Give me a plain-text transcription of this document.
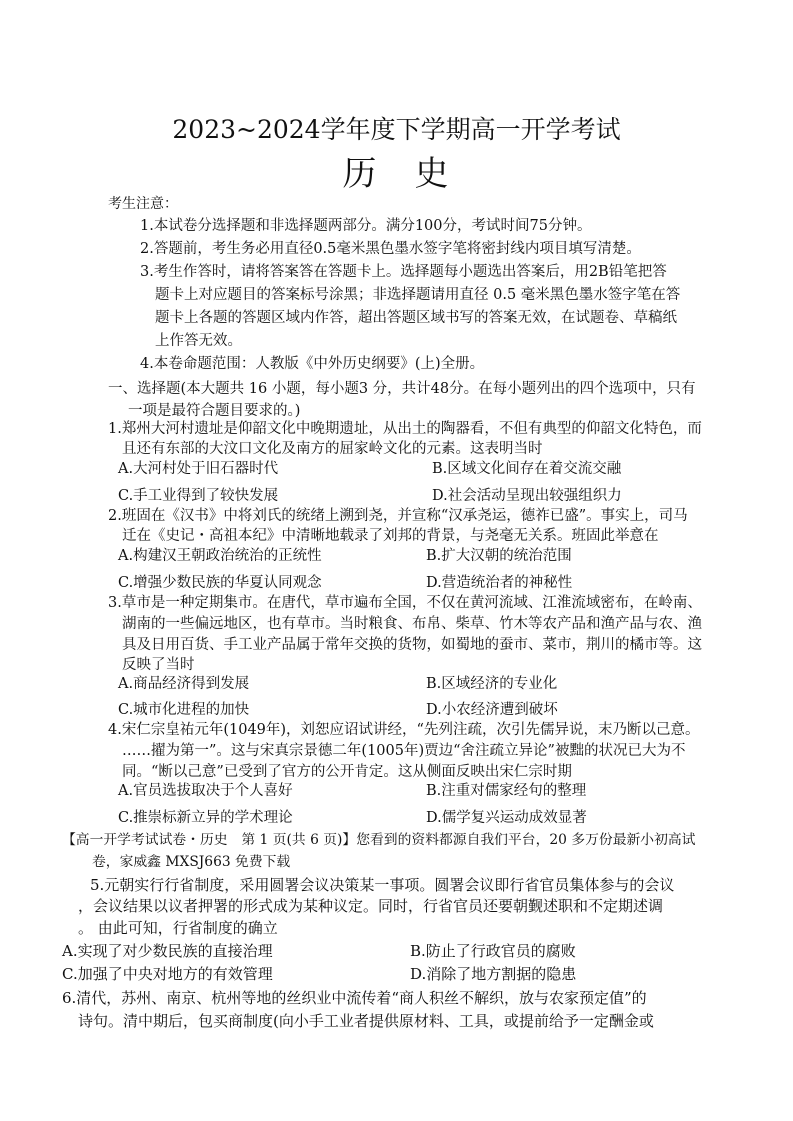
2023~2024学年度下学期高一开学考试
历　史
考生注意：
1.本试卷分选择题和非选择题两部分。满分100分，考试时间75分钟。
2.答题前，考生务必用直径0.5毫米黑色墨水签字笔将密封线内项目填写清楚。
3.考生作答时，请将答案答在答题卡上。选择题每小题选出答案后，用2B铅笔把答
题卡上对应题目的答案标号涂黑；非选择题请用直径 0.5 毫米黑色墨水签字笔在答
题卡上各题的答题区域内作答，超出答题区域书写的答案无效，在试题卷、草稿纸
上作答无效。
4.本卷命题范围：人教版《中外历史纲要》(上)全册。
一、选择题(本大题共 16 小题，每小题3 分，共计48分。在每小题列出的四个选项中，只有
一项是最符合题目要求的。)
1.郑州大河村遗址是仰韶文化中晚期遗址，从出土的陶器看，不但有典型的仰韶文化特色，而
且还有东部的大汶口文化及南方的屈家岭文化的元素。这表明当时
A.大河村处于旧石器时代	B.区域文化间存在着交流交融
C.手工业得到了较快发展	D.社会活动呈现出较强组织力
2.班固在《汉书》中将刘氏的统绪上溯到尧，并宣称“汉承尧运，德祚已盛”。事实上，司马
迁在《史记・高祖本纪》中清晰地载录了刘邦的背景，与尧毫无关系。班固此举意在
A.构建汉王朝政治统治的正统性	B.扩大汉朝的统治范围
C.增强少数民族的华夏认同观念	D.营造统治者的神秘性
3.草市是一种定期集市。在唐代，草市遍布全国，不仅在黄河流域、江淮流域密布，在岭南、
湖南的一些偏远地区，也有草市。当时粮食、布帛、柴草、竹木等农产品和渔产品与农、渔
具及日用百货、手工业产品属于常年交换的货物，如蜀地的蚕市、菜市，荆川的橘市等。这
反映了当时
A.商品经济得到发展	B.区域经济的专业化
C.城市化进程的加快	D.小农经济遭到破坏
4.宋仁宗皇祐元年(1049年)，刘恕应诏试讲经，“先列注疏，次引先儒异说，末乃断以己意。
……擢为第一”。这与宋真宗景德二年(1005年)贾边“舍注疏立异论”被黜的状况已大为不
同。“断以己意”已受到了官方的公开肯定。这从侧面反映出宋仁宗时期
A.官员选拔取决于个人喜好	B.注重对儒家经句的整理
C.推崇标新立异的学术理论	D.儒学复兴运动成效显著
【高一开学考试试卷・历史　第 1 页(共 6 页)】您看到的资料都源自我们平台，20 多万份最新小初高试
卷，家威鑫 MXSJ663 免费下载
5.元朝实行行省制度，采用圆署会议决策某一事项。圆署会议即行省官员集体参与的会议
，会议结果以议者押署的形式成为某种议定。同时，行省官员还要朝觐述职和不定期述调
。 由此可知，行省制度的确立
A.实现了对少数民族的直接治理	B.防止了行政官员的腐败
C.加强了中央对地方的有效管理	D.消除了地方割据的隐患
6.清代，苏州、南京、杭州等地的丝织业中流传着“商人积丝不解织，放与农家预定值”的
诗句。清中期后，包买商制度(向小手工业者提供原材料、工具，或提前给予一定酬金或
